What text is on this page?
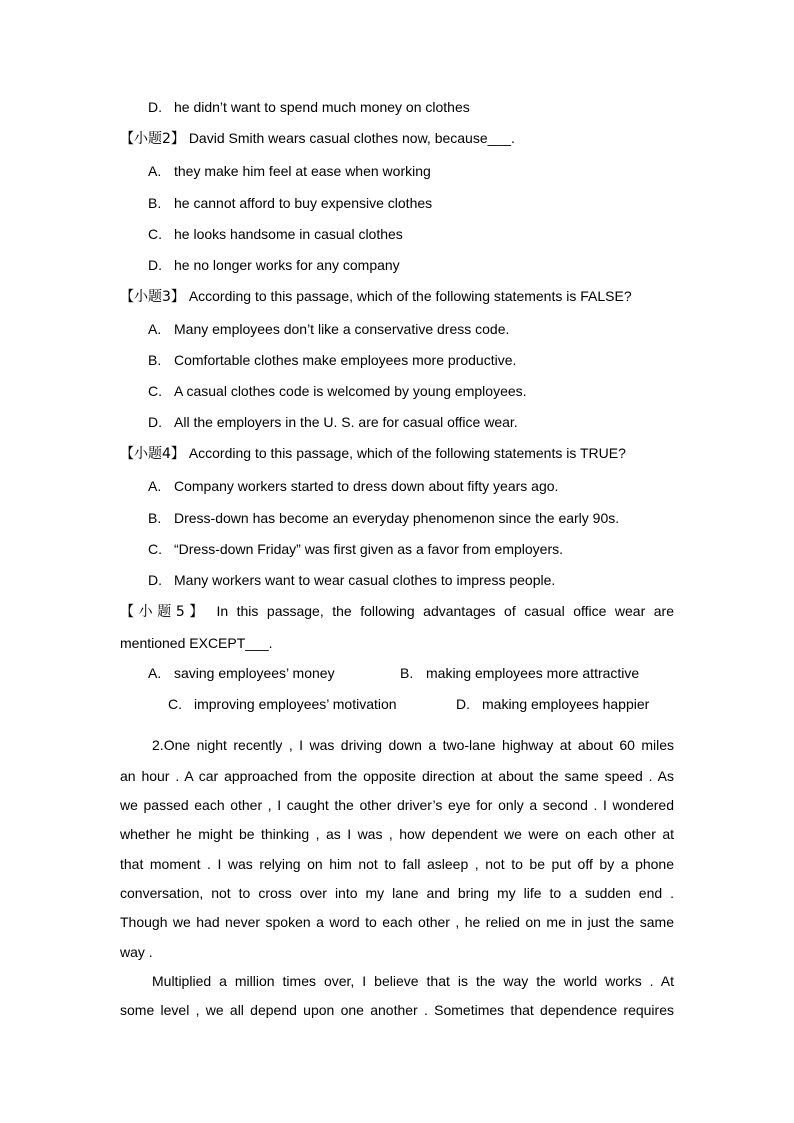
D. he didn’t want to spend much money on clothes
【小题2】 David Smith wears casual clothes now, because___.
A. they make him feel at ease when working
B. he cannot afford to buy expensive clothes
C. he looks handsome in casual clothes
D. he no longer works for any company
【小题3】 According to this passage, which of the following statements is FALSE?
A. Many employees don’t like a conservative dress code.
B. Comfortable clothes make employees more productive.
C. A casual clothes code is welcomed by young employees.
D. All the employers in the U. S. are for casual office wear.
【小题4】 According to this passage, which of the following statements is TRUE?
A. Company workers started to dress down about fifty years ago.
B. Dress-down has become an everyday phenomenon since the early 90s.
C. “Dress-down Friday” was first given as a favor from employers.
D. Many workers want to wear casual clothes to impress people.
【小题5】 In this passage, the following advantages of casual office wear are
mentioned EXCEPT___.
A. saving employees’ money	B. making employees more attractive
C. improving employees’ motivation	D. making employees happier
2.One night recently , I was driving down a two-lane highway at about 60 miles
an hour . A car approached from the opposite direction at about the same speed . As
we passed each other , I caught the other driver’s eye for only a second . I wondered
whether he might be thinking , as I was , how dependent we were on each other at
that moment . I was relying on him not to fall asleep , not to be put off by a phone
conversation, not to cross over into my lane and bring my life to a sudden end .
Though we had never spoken a word to each other , he relied on me in just the same
way .
Multiplied a million times over, I believe that is the way the world works . At
some level , we all depend upon one another . Sometimes that dependence requires
